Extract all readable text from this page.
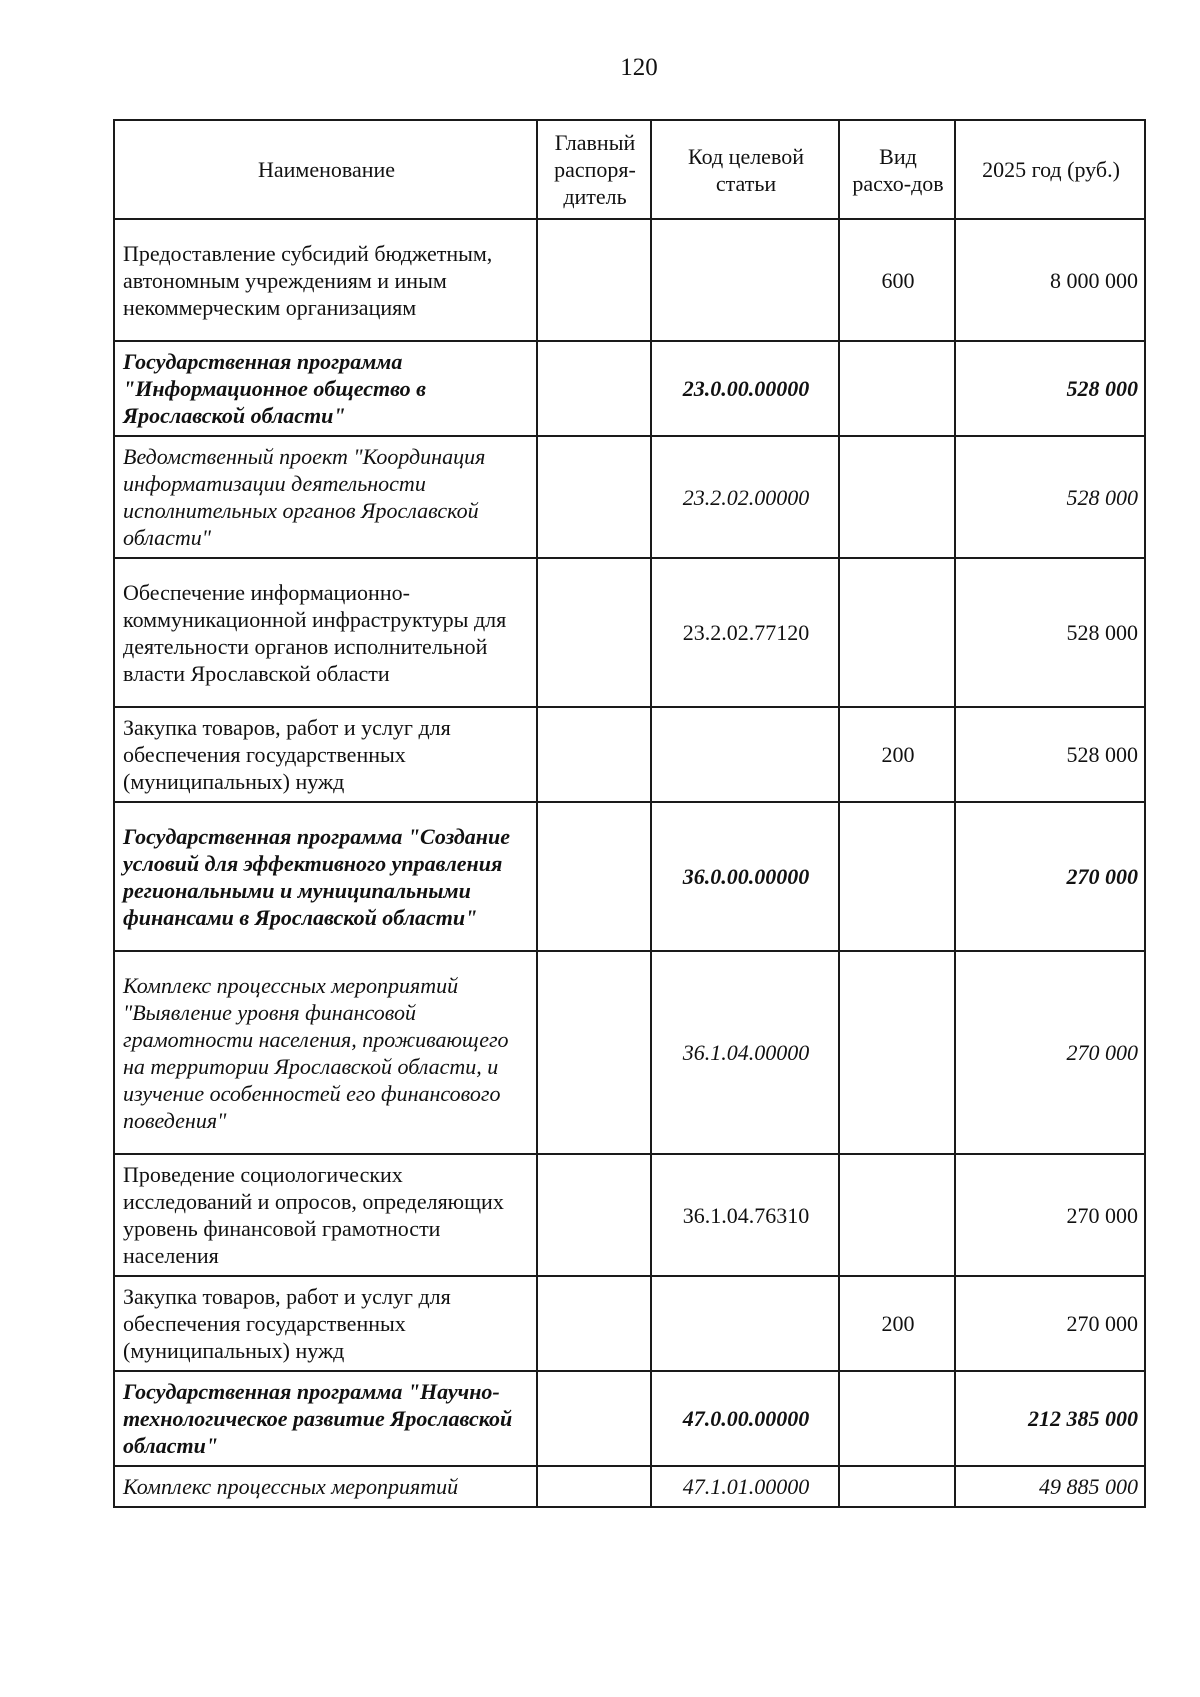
120
Наименование	Главный распоря-дитель	Код целевой статьи	Вид расхо-дов	2025 год (руб.)
Предоставление субсидий бюджетным, автономным учреждениям и иным некоммерческим организациям			600	8 000 000
Государственная программа "Информационное общество в Ярославской области"		23.0.00.00000		528 000
Ведомственный проект "Координация информатизации деятельности исполнительных органов Ярославской области"		23.2.02.00000		528 000
Обеспечение информационно-коммуникационной инфраструктуры для деятельности органов исполнительной власти Ярославской области		23.2.02.77120		528 000
Закупка товаров, работ и услуг для обеспечения государственных (муниципальных) нужд			200	528 000
Государственная программа "Создание условий для эффективного управления региональными и муниципальными финансами в Ярославской области"		36.0.00.00000		270 000
Комплекс процессных мероприятий "Выявление уровня финансовой грамотности населения, проживающего на территории Ярославской области, и изучение особенностей его финансового поведения"		36.1.04.00000		270 000
Проведение социологических исследований и опросов, определяющих уровень финансовой грамотности населения		36.1.04.76310		270 000
Закупка товаров, работ и услуг для обеспечения государственных (муниципальных) нужд			200	270 000
Государственная программа "Научно-технологическое развитие Ярославской области"		47.0.00.00000		212 385 000
Комплекс процессных мероприятий		47.1.01.00000		49 885 000
